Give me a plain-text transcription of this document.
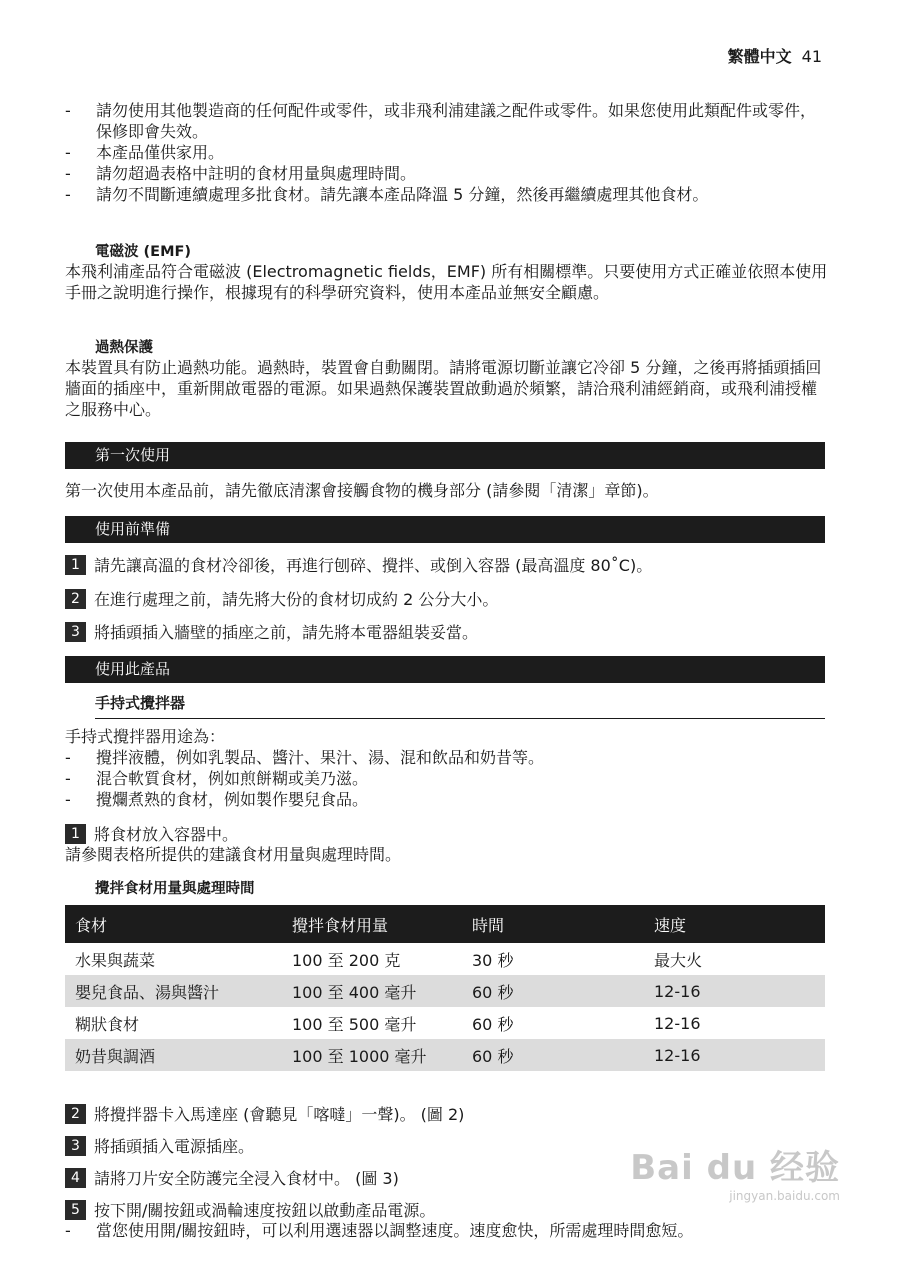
繁體中文 41
-	請勿使用其他製造商的任何配件或零件，或非飛利浦建議之配件或零件。如果您使用此類配件或零件，保修即會失效。
-	本產品僅供家用。
-	請勿超過表格中註明的食材用量與處理時間。
-	請勿不間斷連續處理多批食材。請先讓本產品降溫 5 分鐘，然後再繼續處理其他食材。
電磁波 (EMF)
本飛利浦產品符合電磁波 (Electromagnetic fields，EMF) 所有相關標準。只要使用方式正確並依照本使用手冊之說明進行操作，根據現有的科學研究資料，使用本產品並無安全顧慮。
過熱保護
本裝置具有防止過熱功能。過熱時，裝置會自動關閉。請將電源切斷並讓它冷卻 5 分鐘，之後再將插頭插回牆面的插座中，重新開啟電器的電源。如果過熱保護裝置啟動過於頻繁，請洽飛利浦經銷商，或飛利浦授權之服務中心。
第一次使用
第一次使用本產品前，請先徹底清潔會接觸食物的機身部分 (請參閱「清潔」章節)。
使用前準備
1 請先讓高溫的食材冷卻後，再進行刨碎、攪拌、或倒入容器 (最高溫度 80˚C)。
2 在進行處理之前，請先將大份的食材切成約 2 公分大小。
3 將插頭插入牆壁的插座之前，請先將本電器組裝妥當。
使用此產品
手持式攪拌器
手持式攪拌器用途為：
-	攪拌液體，例如乳製品、醬汁、果汁、湯、混和飲品和奶昔等。
-	混合軟質食材，例如煎餅糊或美乃滋。
-	攪爛煮熟的食材，例如製作嬰兒食品。
1 將食材放入容器中。
請參閱表格所提供的建議食材用量與處理時間。
攪拌食材用量與處理時間
食材	攪拌食材用量	時間	速度
水果與蔬菜	100 至 200 克	30 秒	最大火
嬰兒食品、湯與醬汁	100 至 400 毫升	60 秒	12-16
糊狀食材	100 至 500 毫升	60 秒	12-16
奶昔與調酒	100 至 1000 毫升	60 秒	12-16
2 將攪拌器卡入馬達座 (會聽見「喀噠」一聲)。 (圖 2)
3 將插頭插入電源插座。
4 請將刀片安全防護完全浸入食材中。 (圖 3)
5 按下開/關按鈕或渦輪速度按鈕以啟動產品電源。
-	當您使用開/關按鈕時，可以利用選速器以調整速度。速度愈快，所需處理時間愈短。
Bai du 经验
jingyan.baidu.com
